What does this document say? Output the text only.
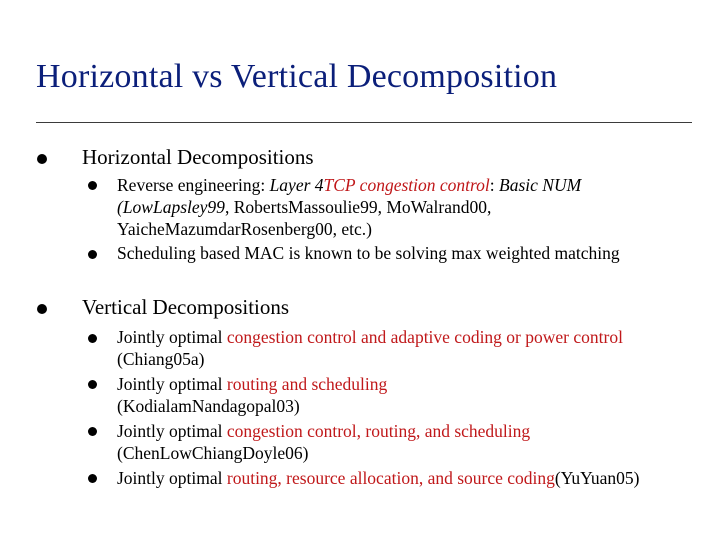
Horizontal vs Vertical Decomposition
Horizontal Decompositions
Reverse engineering: Layer 4TCP congestion control: Basic NUM (LowLapsley99, RobertsMassoulie99, MoWalrand00, YaicheMazumdarRosenberg00, etc.)
Scheduling based MAC is known to be solving max weighted matching
Vertical Decompositions
Jointly optimal congestion control and adaptive coding or power control (Chiang05a)
Jointly optimal routing and scheduling (KodialamNandagopal03)
Jointly optimal congestion control, routing, and scheduling (ChenLowChiangDoyle06)
Jointly optimal routing, resource allocation, and source coding(YuYuan05)
